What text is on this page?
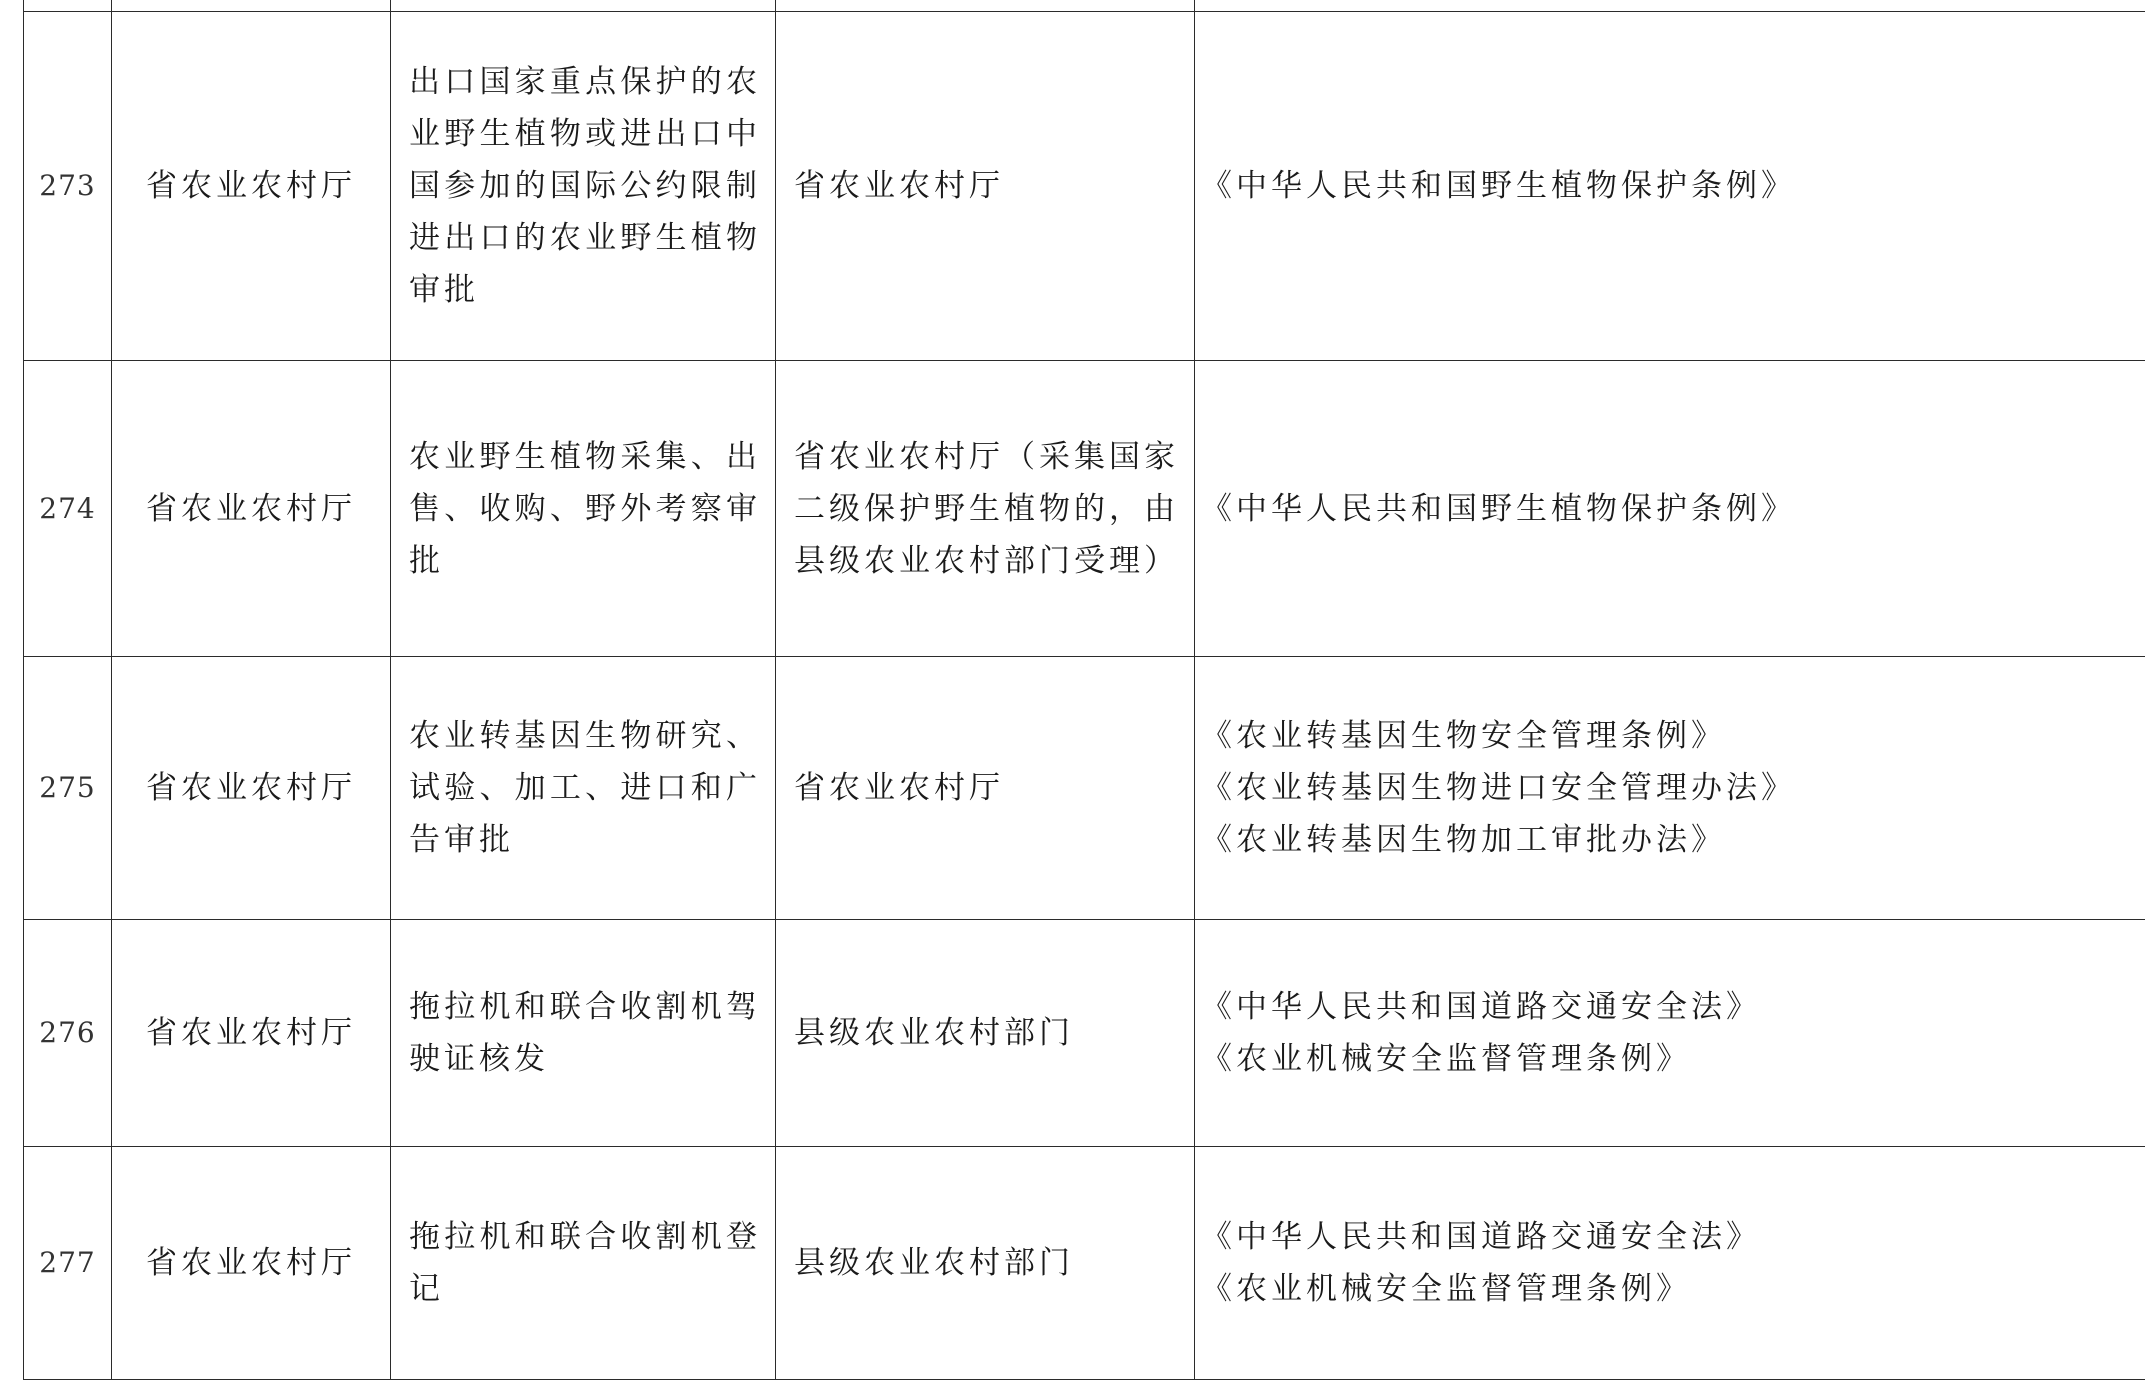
273	省农业农村厅	出口国家重点保护的农业野生植物或进出口中国参加的国际公约限制进出口的农业野生植物审批	省农业农村厅	《中华人民共和国野生植物保护条例》

274	省农业农村厅	农业野生植物采集、出售、收购、野外考察审批	省农业农村厅（采集国家二级保护野生植物的，由县级农业农村部门受理）	《中华人民共和国野生植物保护条例》

275	省农业农村厅	农业转基因生物研究、试验、加工、进口和广告审批	省农业农村厅	《农业转基因生物安全管理条例》
《农业转基因生物进口安全管理办法》
《农业转基因生物加工审批办法》

276	省农业农村厅	拖拉机和联合收割机驾驶证核发	县级农业农村部门	《中华人民共和国道路交通安全法》
《农业机械安全监督管理条例》

277	省农业农村厅	拖拉机和联合收割机登记	县级农业农村部门	《中华人民共和国道路交通安全法》
《农业机械安全监督管理条例》
